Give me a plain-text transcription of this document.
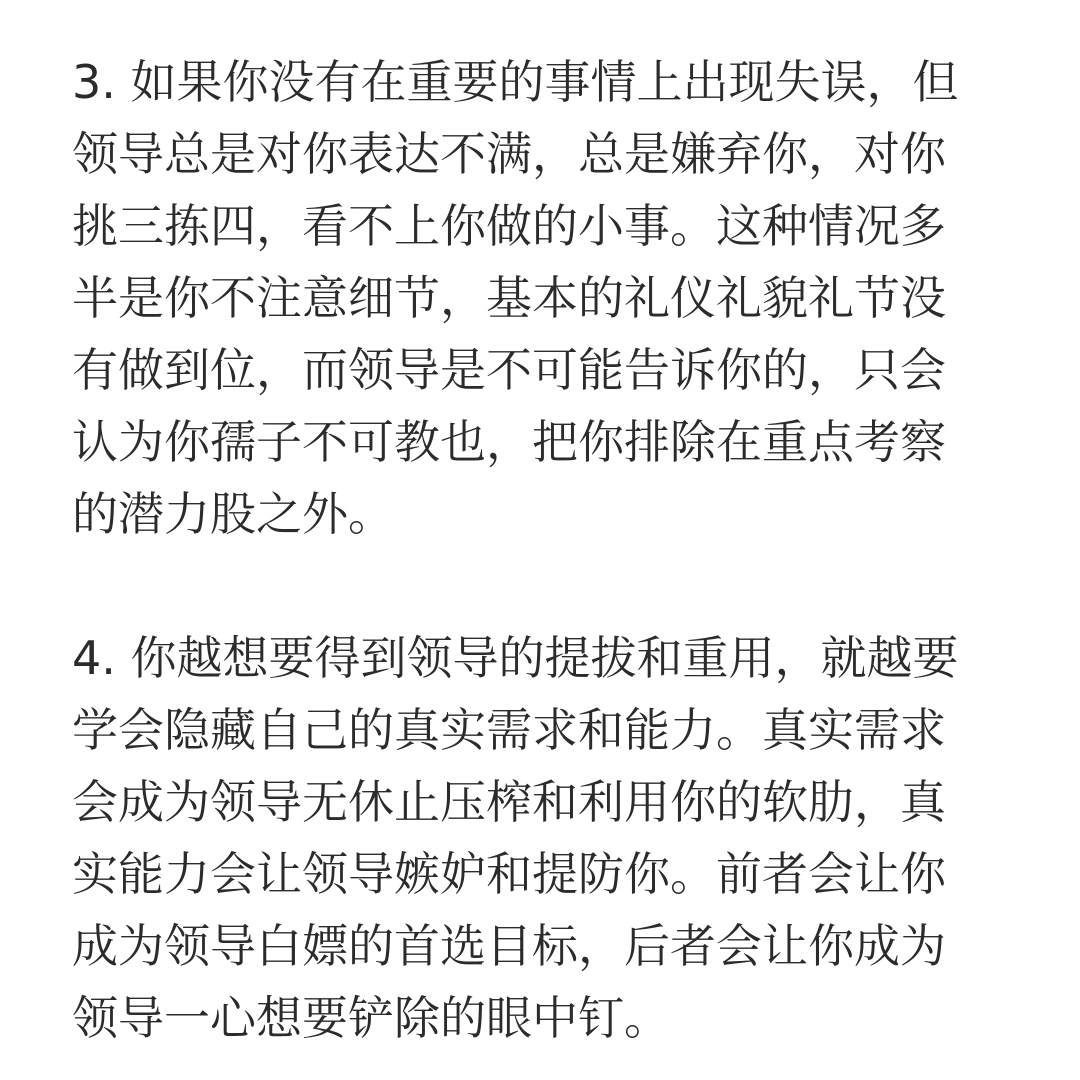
3. 如果你没有在重要的事情上出现失误，但
领导总是对你表达不满，总是嫌弃你，对你
挑三拣四，看不上你做的小事。这种情况多
半是你不注意细节，基本的礼仪礼貌礼节没
有做到位，而领导是不可能告诉你的，只会
认为你孺子不可教也，把你排除在重点考察
的潜力股之外。
4. 你越想要得到领导的提拔和重用，就越要
学会隐藏自己的真实需求和能力。真实需求
会成为领导无休止压榨和利用你的软肋，真
实能力会让领导嫉妒和提防你。前者会让你
成为领导白嫖的首选目标，后者会让你成为
领导一心想要铲除的眼中钉。
